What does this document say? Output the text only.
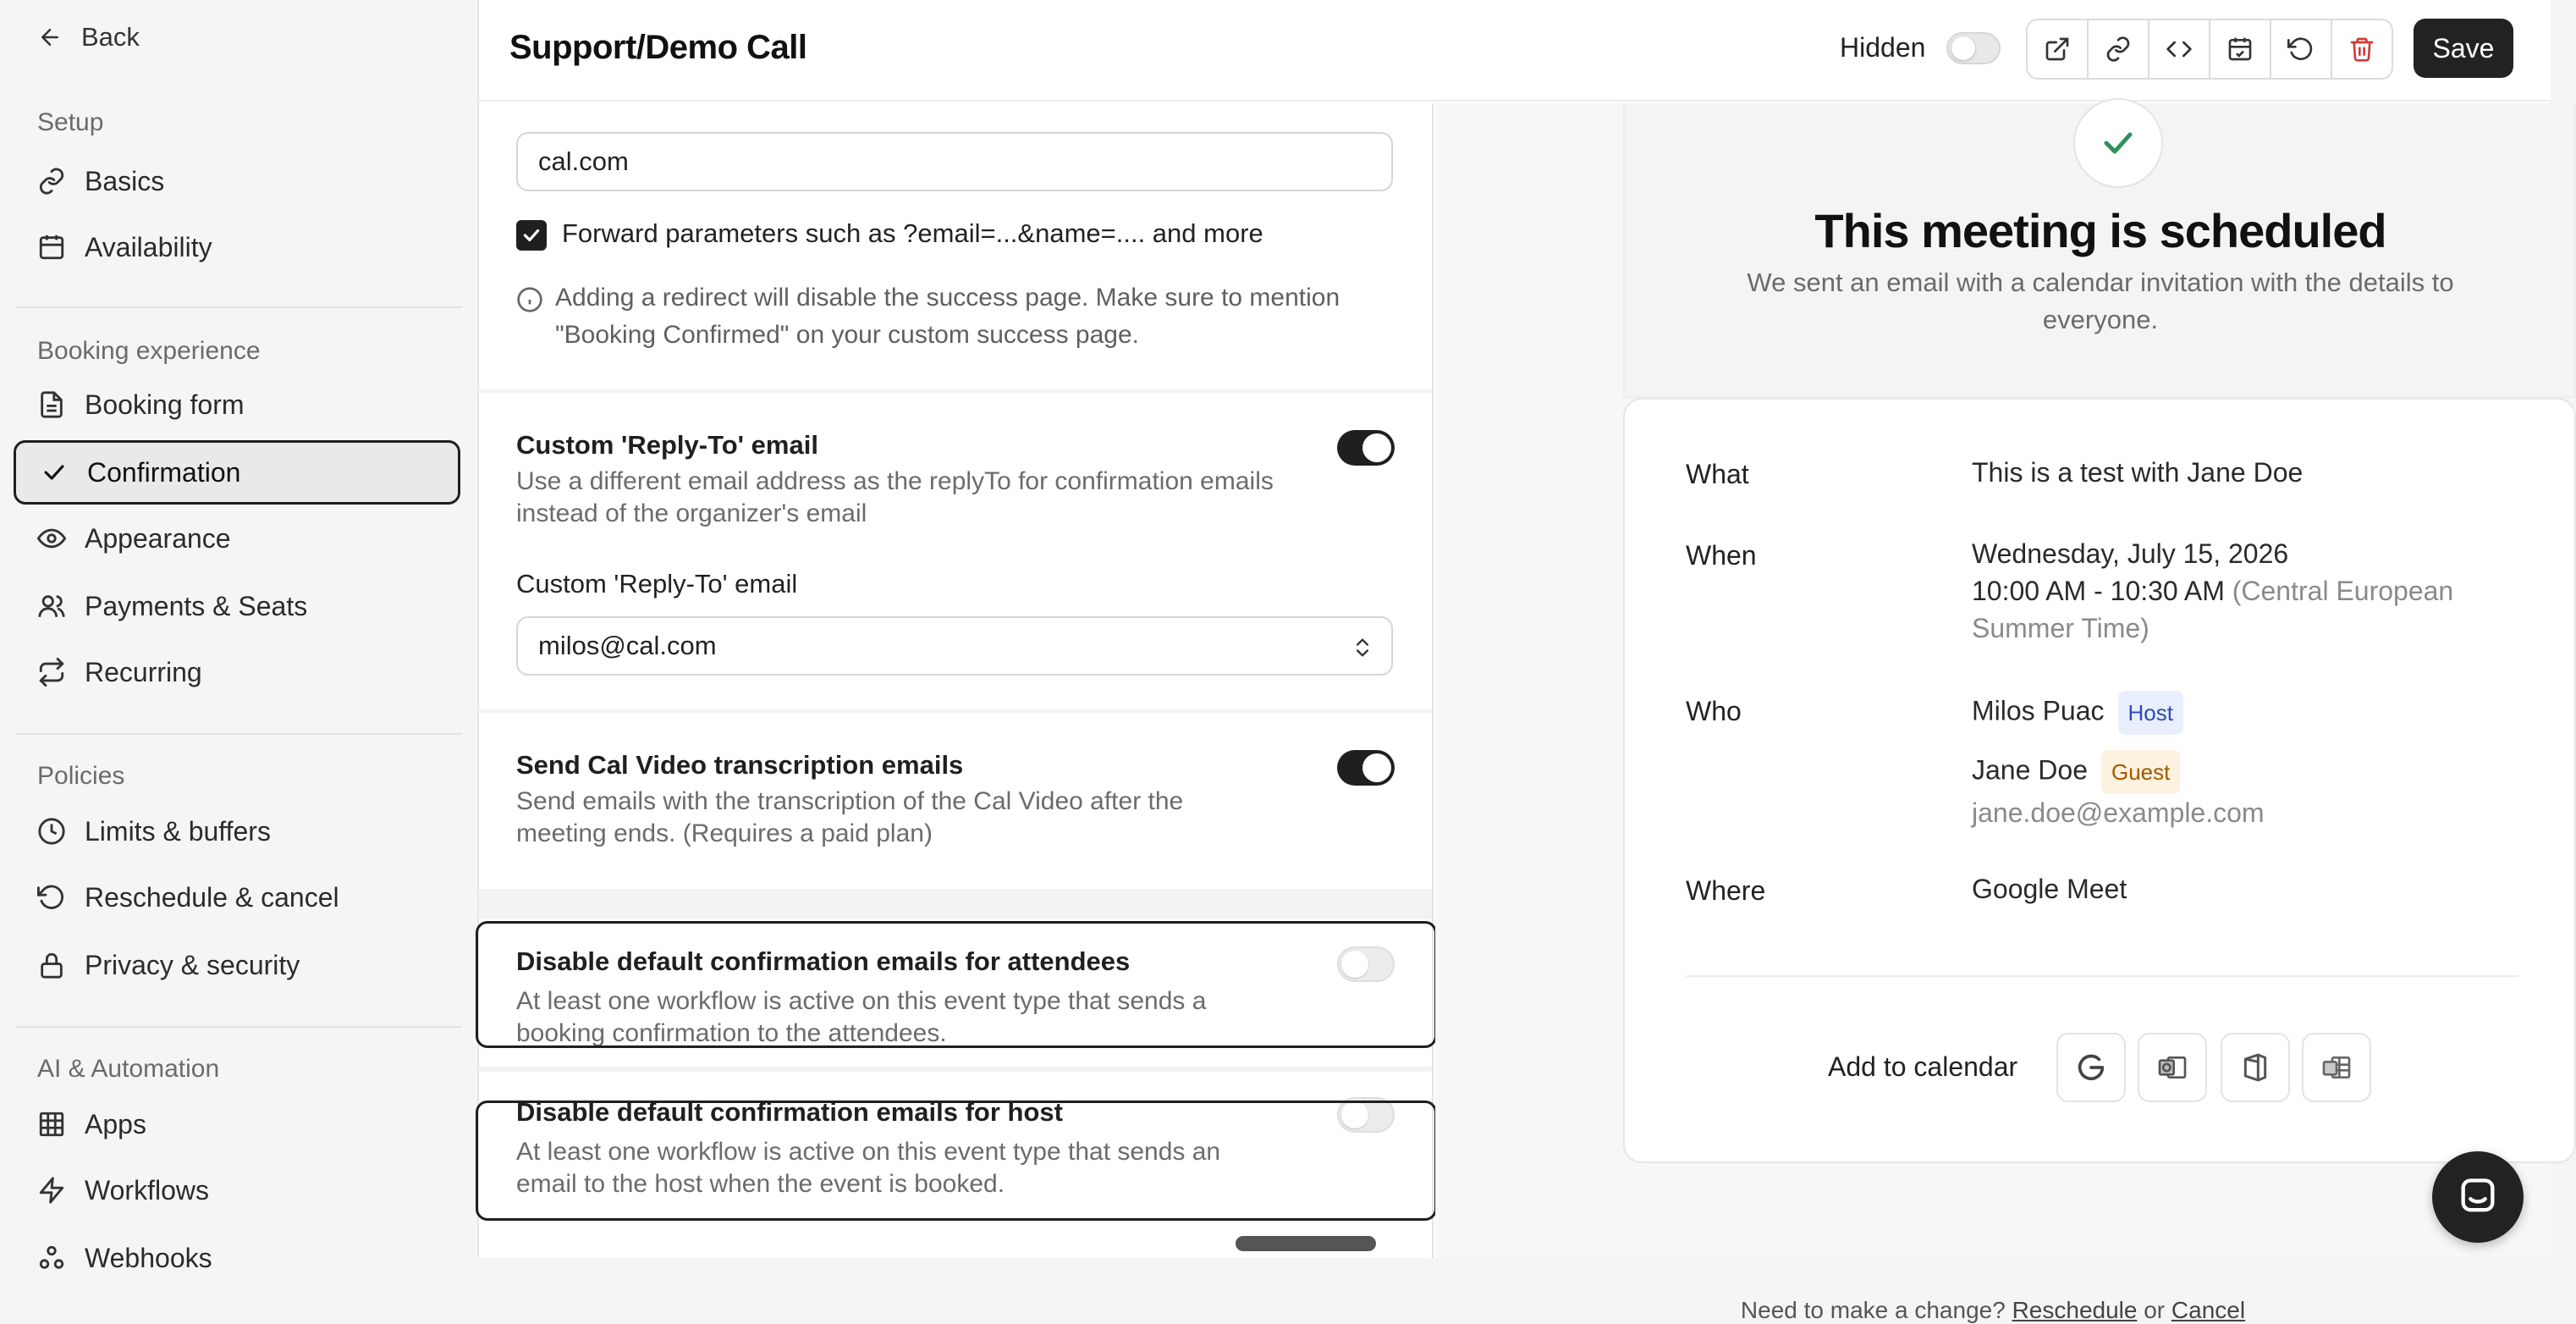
Back
Setup
Basics
Availability
Booking experience
Booking form
Confirmation
Appearance
Payments & Seats
Recurring
Policies
Limits & buffers
Reschedule & cancel
Privacy & security
AI & Automation
Apps
Workflows
Webhooks
Support/Demo Call	Hidden	Save
cal.com
Forward parameters such as ?email=...&name=.... and more
Adding a redirect will disable the success page. Make sure to mention "Booking Confirmed" on your custom success page.
Custom 'Reply-To' email
Use a different email address as the replyTo for confirmation emails instead of the organizer's email
Custom 'Reply-To' email
milos@cal.com
Send Cal Video transcription emails
Send emails with the transcription of the Cal Video after the meeting ends. (Requires a paid plan)
Disable default confirmation emails for attendees
At least one workflow is active on this event type that sends a booking confirmation to the attendees.
Disable default confirmation emails for host
At least one workflow is active on this event type that sends an email to the host when the event is booked.
This meeting is scheduled
We sent an email with a calendar invitation with the details to everyone.
What	This is a test with Jane Doe
When	Wednesday, July 15, 2026
10:00 AM - 10:30 AM (Central European Summer Time)
Who	Milos Puac Host
Jane Doe Guest
jane.doe@example.com
Where	Google Meet
Add to calendar
Need to make a change? Reschedule or Cancel
